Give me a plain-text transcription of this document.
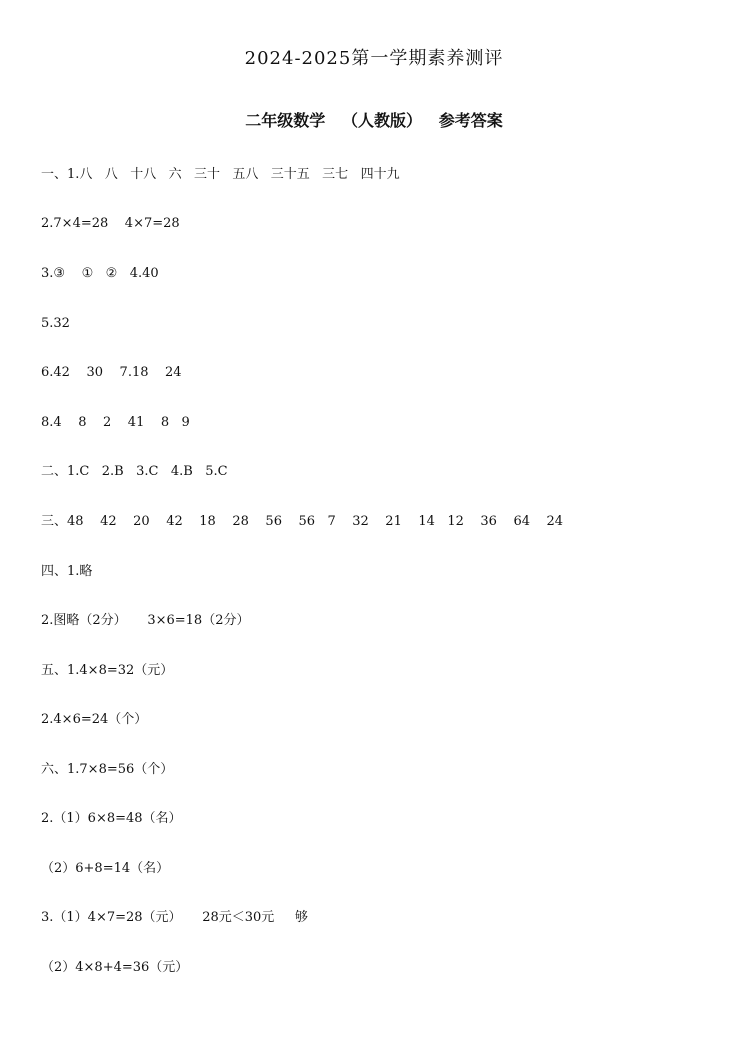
2024-2025第一学期素养测评
二年级数学   （人教版）   参考答案
一、1.八   八   十八   六   三十   五八   三十五   三七   四十九
2.7×4=28    4×7=28
3.③    ①   ②   4.40
5.32
6.42    30    7.18    24
8.4    8    2    41    8   9
二、1.C   2.B   3.C   4.B   5.C
三、48    42    20    42    18    28    56    56   7    32    21    14   12    36    64    24
四、1.略
2.图略（2分）     3×6=18（2分）
五、1.4×8=32（元）
2.4×6=24（个）
六、1.7×8=56（个）
2.（1）6×8=48（名）
（2）6+8=14（名）
3.（1）4×7=28（元）     28元＜30元     够
（2）4×8+4=36（元）
